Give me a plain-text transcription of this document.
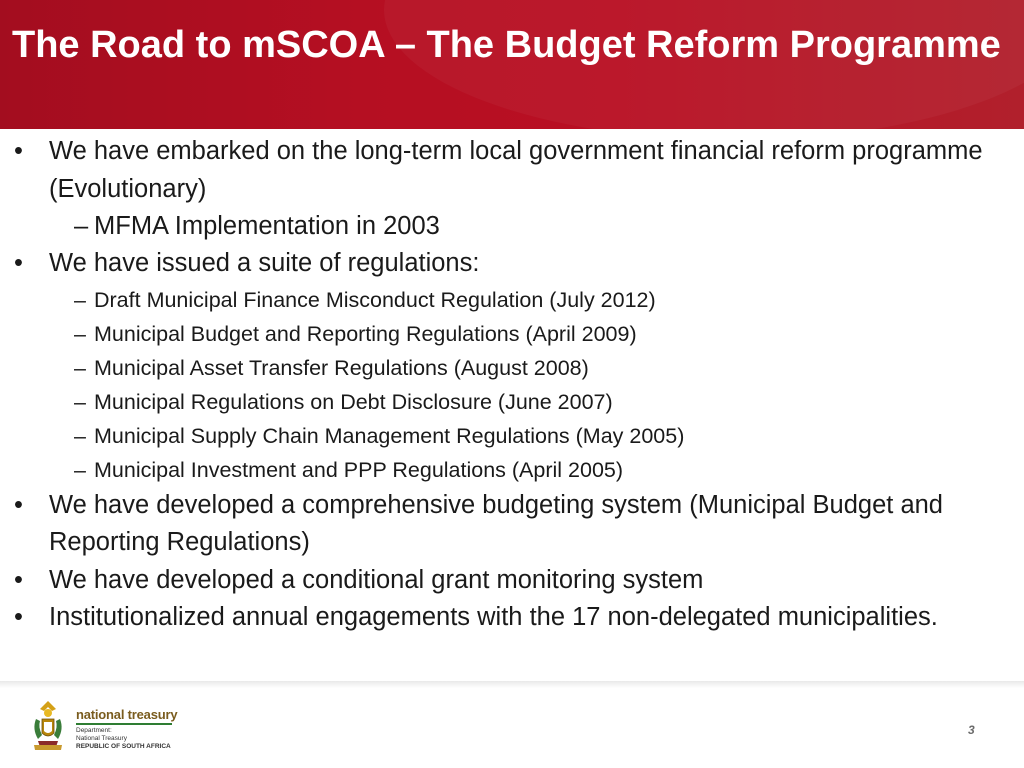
The Road to mSCOA – The Budget Reform Programme
• We have embarked on the long-term local government financial reform programme (Evolutionary)
– MFMA Implementation in 2003
• We have issued a suite of regulations:
– Draft Municipal Finance Misconduct Regulation (July 2012)
– Municipal Budget and Reporting Regulations (April 2009)
– Municipal Asset Transfer Regulations (August 2008)
– Municipal Regulations on Debt Disclosure (June 2007)
– Municipal Supply Chain Management Regulations (May 2005)
– Municipal Investment and PPP Regulations (April 2005)
• We have developed a comprehensive budgeting system (Municipal Budget and Reporting Regulations)
• We have developed a conditional grant monitoring system
• Institutionalized annual engagements with the 17 non-delegated municipalities.
national treasury
Department:
National Treasury
REPUBLIC OF SOUTH AFRICA
3
